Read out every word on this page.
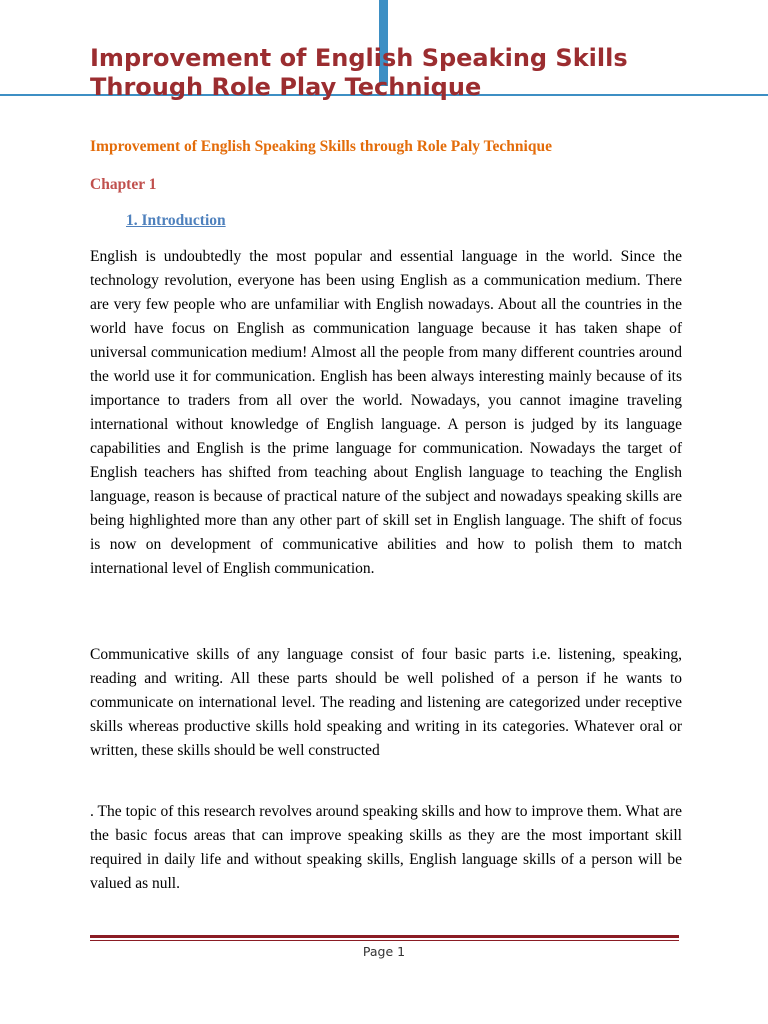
Improvement of English Speaking Skills Through Role Play Technique

Improvement of English Speaking Skills through Role Paly Technique

Chapter 1

1. Introduction

English is undoubtedly the most popular and essential language in the world. Since the technology revolution, everyone has been using English as a communication medium. There are very few people who are unfamiliar with English nowadays. About all the countries in the world have focus on English as communication language because it has taken shape of universal communication medium! Almost all the people from many different countries around the world use it for communication. English has been always interesting mainly because of its importance to traders from all over the world. Nowadays, you cannot imagine traveling international without knowledge of English language. A person is judged by its language capabilities and English is the prime language for communication. Nowadays the target of English teachers has shifted from teaching about English language to teaching the English language, reason is because of practical nature of the subject and nowadays speaking skills are being highlighted more than any other part of skill set in English language. The shift of focus is now on development of communicative abilities and how to polish them to match international level of English communication.

Communicative skills of any language consist of four basic parts i.e. listening, speaking, reading and writing. All these parts should be well polished of a person if he wants to communicate on international level. The reading and listening are categorized under receptive skills whereas productive skills hold speaking and writing in its categories. Whatever oral or written, these skills should be well constructed

. The topic of this research revolves around speaking skills and how to improve them. What are the basic focus areas that can improve speaking skills as they are the most important skill required in daily life and without speaking skills, English language skills of a person will be valued as null.

Page 1
